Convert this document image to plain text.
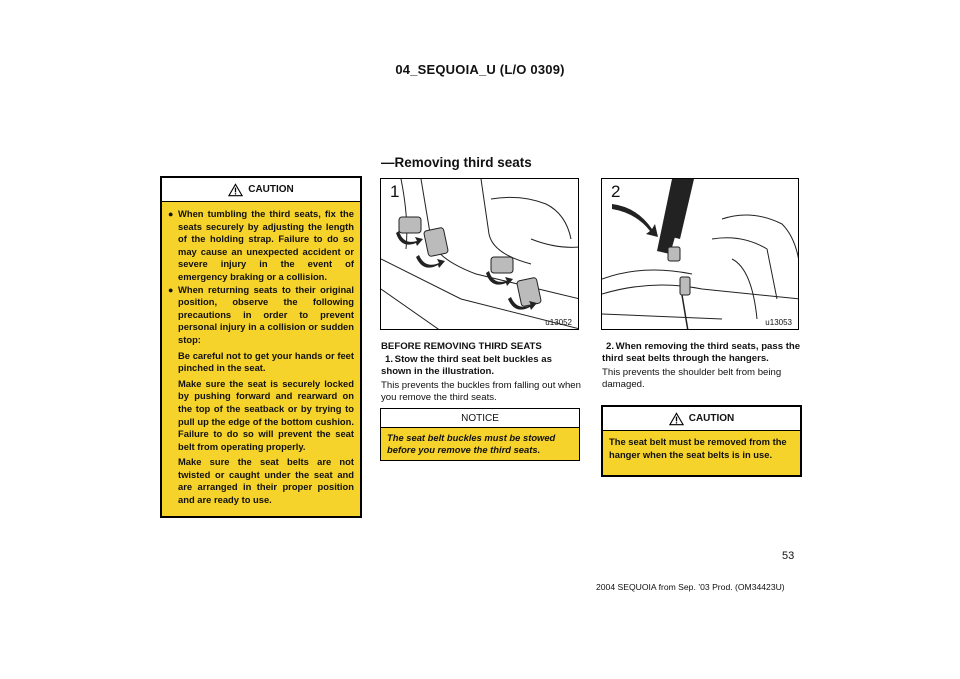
04_SEQUOIA_U (L/O 0309)
—Removing third seats
CAUTION
● When tumbling the third seats, fix the seats securely by adjusting the length of the holding strap. Failure to do so may cause an unexpected accident or severe injury in the event of emergency braking or a collision.
● When returning seats to their original position, observe the following precautions in order to prevent personal injury in a collision or sudden stop:
Be careful not to get your hands or feet pinched in the seat.
Make sure the seat is securely locked by pushing forward and rearward on the top of the seatback or by trying to pull up the edge of the bottom cushion. Failure to do so will prevent the seat belt from operating properly.
Make sure the seat belts are not twisted or caught under the seat and are arranged in their proper position and are ready to use.
1
u13052
2
u13053
BEFORE REMOVING THIRD SEATS
1. Stow the third seat belt buckles as shown in the illustration.
This prevents the buckles from falling out when you remove the third seats.
NOTICE
The seat belt buckles must be stowed before you remove the third seats.
2. When removing the third seats, pass the third seat belts through the hangers.
This prevents the shoulder belt from being damaged.
CAUTION
The seat belt must be removed from the hanger when the seat belts is in use.
53
2004 SEQUOIA from Sep. ’03 Prod. (OM34423U)
